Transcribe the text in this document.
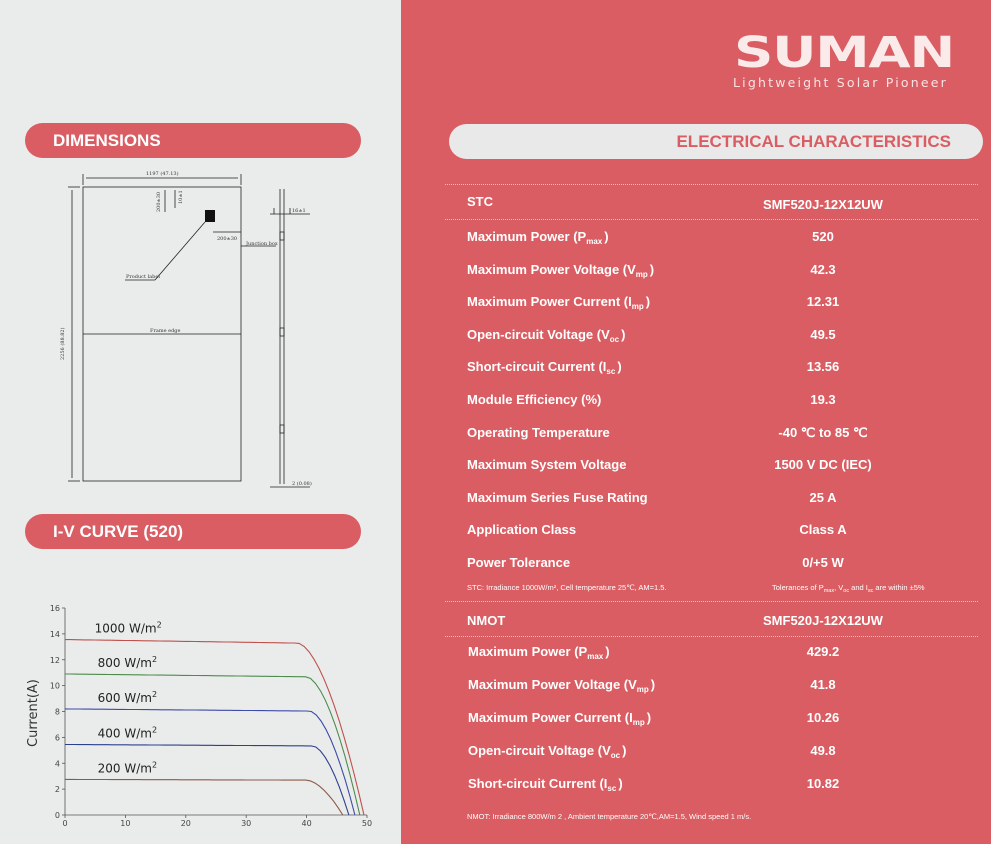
DIMENSIONS
1197 (47.13)
2256 (88.82)
200±30	10±1
200±30
16±1
2 (0.08)
Junction box
Product label
Frame edge
I-V CURVE (520)
0
2
4
6
8
10
12
14
16
0	10	20	30	40	50
1000 $W/m^2$
800 $W/m^2$
600 $W/m^2$
400 $W/m^2$
200 $W/m^2$
Current(A)
SUMAN
Lightweight Solar Pioneer
ELECTRICAL CHARACTERISTICS
STC	SMF520J-12X12UW
Maximum Power ($P_{max}$ )	520
Maximum Power Voltage ($V_{mp}$ )	42.3
Maximum Power Current ($I_{mp}$ )	12.31
Open-circuit Voltage ($V_{oc}$ )	49.5
Short-circuit Current ($I_{sc}$ )	13.56
Module Efficiency (%)	19.3
Operating Temperature	-40 ℃ to 85 ℃
Maximum System Voltage	1500 V DC (IEC)
Maximum Series Fuse Rating	25 A
Application Class	Class A
Power Tolerance	0/+5 W
STC: Irradiance 1000W/m², Cell temperature 25℃, AM=1.5.	Tolerances of $P_{max}$, $V_{oc}$ and $I_{sc}$ are within ±5%
NMOT	SMF520J-12X12UW
Maximum Power ($P_{max}$ )	429.2
Maximum Power Voltage ($V_{mp}$ )	41.8
Maximum Power Current ($I_{mp}$ )	10.26
Open-circuit Voltage ($V_{oc}$ )	49.8
Short-circuit Current ($I_{sc}$ )	10.82
NMOT: Irradiance 800W/m 2 , Ambient temperature 20℃,AM=1.5, Wind speed 1 m/s.
